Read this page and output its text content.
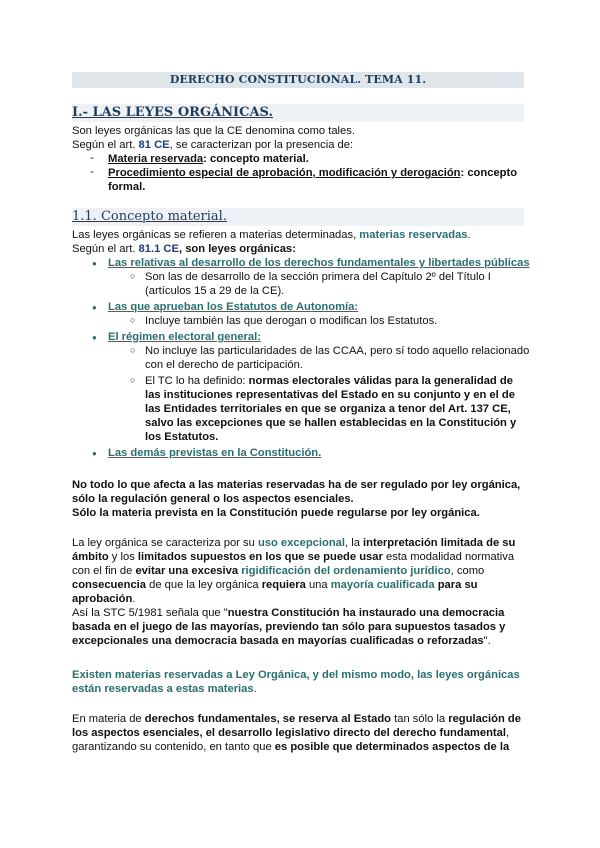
DERECHO CONSTITUCIONAL. TEMA 11.
I.- LAS LEYES ORGÁNICAS.
Son leyes orgánicas las que la CE denomina como tales.
Según el art. 81 CE, se caracterizan por la presencia de:
- Materia reservada: concepto material.
- Procedimiento especial de aprobación, modificación y derogación: concepto
formal.
1.1. Concepto material.
Las leyes orgánicas se refieren a materias determinadas, materias reservadas.
Según el art. 81.1 CE, son leyes orgánicas:
● Las relativas al desarrollo de los derechos fundamentales y libertades públicas
○ Son las de desarrollo de la sección primera del Capítulo 2º del Título I
(artículos 15 a 29 de la CE).
● Las que aprueban los Estatutos de Autonomía:
○ Incluye también las que derogan o modifican los Estatutos.
● El régimen electoral general:
○ No incluye las particularidades de las CCAA, pero sí todo aquello relacionado
con el derecho de participación.
○ El TC lo ha definido: normas electorales válidas para la generalidad de
las instituciones representativas del Estado en su conjunto y en el de
las Entidades territoriales en que se organiza a tenor del Art. 137 CE,
salvo las excepciones que se hallen establecidas en la Constitución y
los Estatutos.
● Las demás previstas en la Constitución.
No todo lo que afecta a las materias reservadas ha de ser regulado por ley orgánica,
sólo la regulación general o los aspectos esenciales.
Sólo la materia prevista en la Constitución puede regularse por ley orgánica.
La ley orgánica se caracteriza por su uso excepcional, la interpretación limitada de su
ámbito y los limitados supuestos en los que se puede usar esta modalidad normativa
con el fin de evitar una excesiva rigidificación del ordenamiento jurídico, como
consecuencia de que la ley orgánica requiera una mayoría cualificada para su
aprobación.
Así la STC 5/1981 señala que "nuestra Constitución ha instaurado una democracia
basada en el juego de las mayorías, previendo tan sólo para supuestos tasados y
excepcionales una democracia basada en mayorías cualificadas o reforzadas".
Existen materias reservadas a Ley Orgánica, y del mismo modo, las leyes orgánicas
están reservadas a estas materias.
En materia de derechos fundamentales, se reserva al Estado tan sólo la regulación de
los aspectos esenciales, el desarrollo legislativo directo del derecho fundamental,
garantizando su contenido, en tanto que es posible que determinados aspectos de la
